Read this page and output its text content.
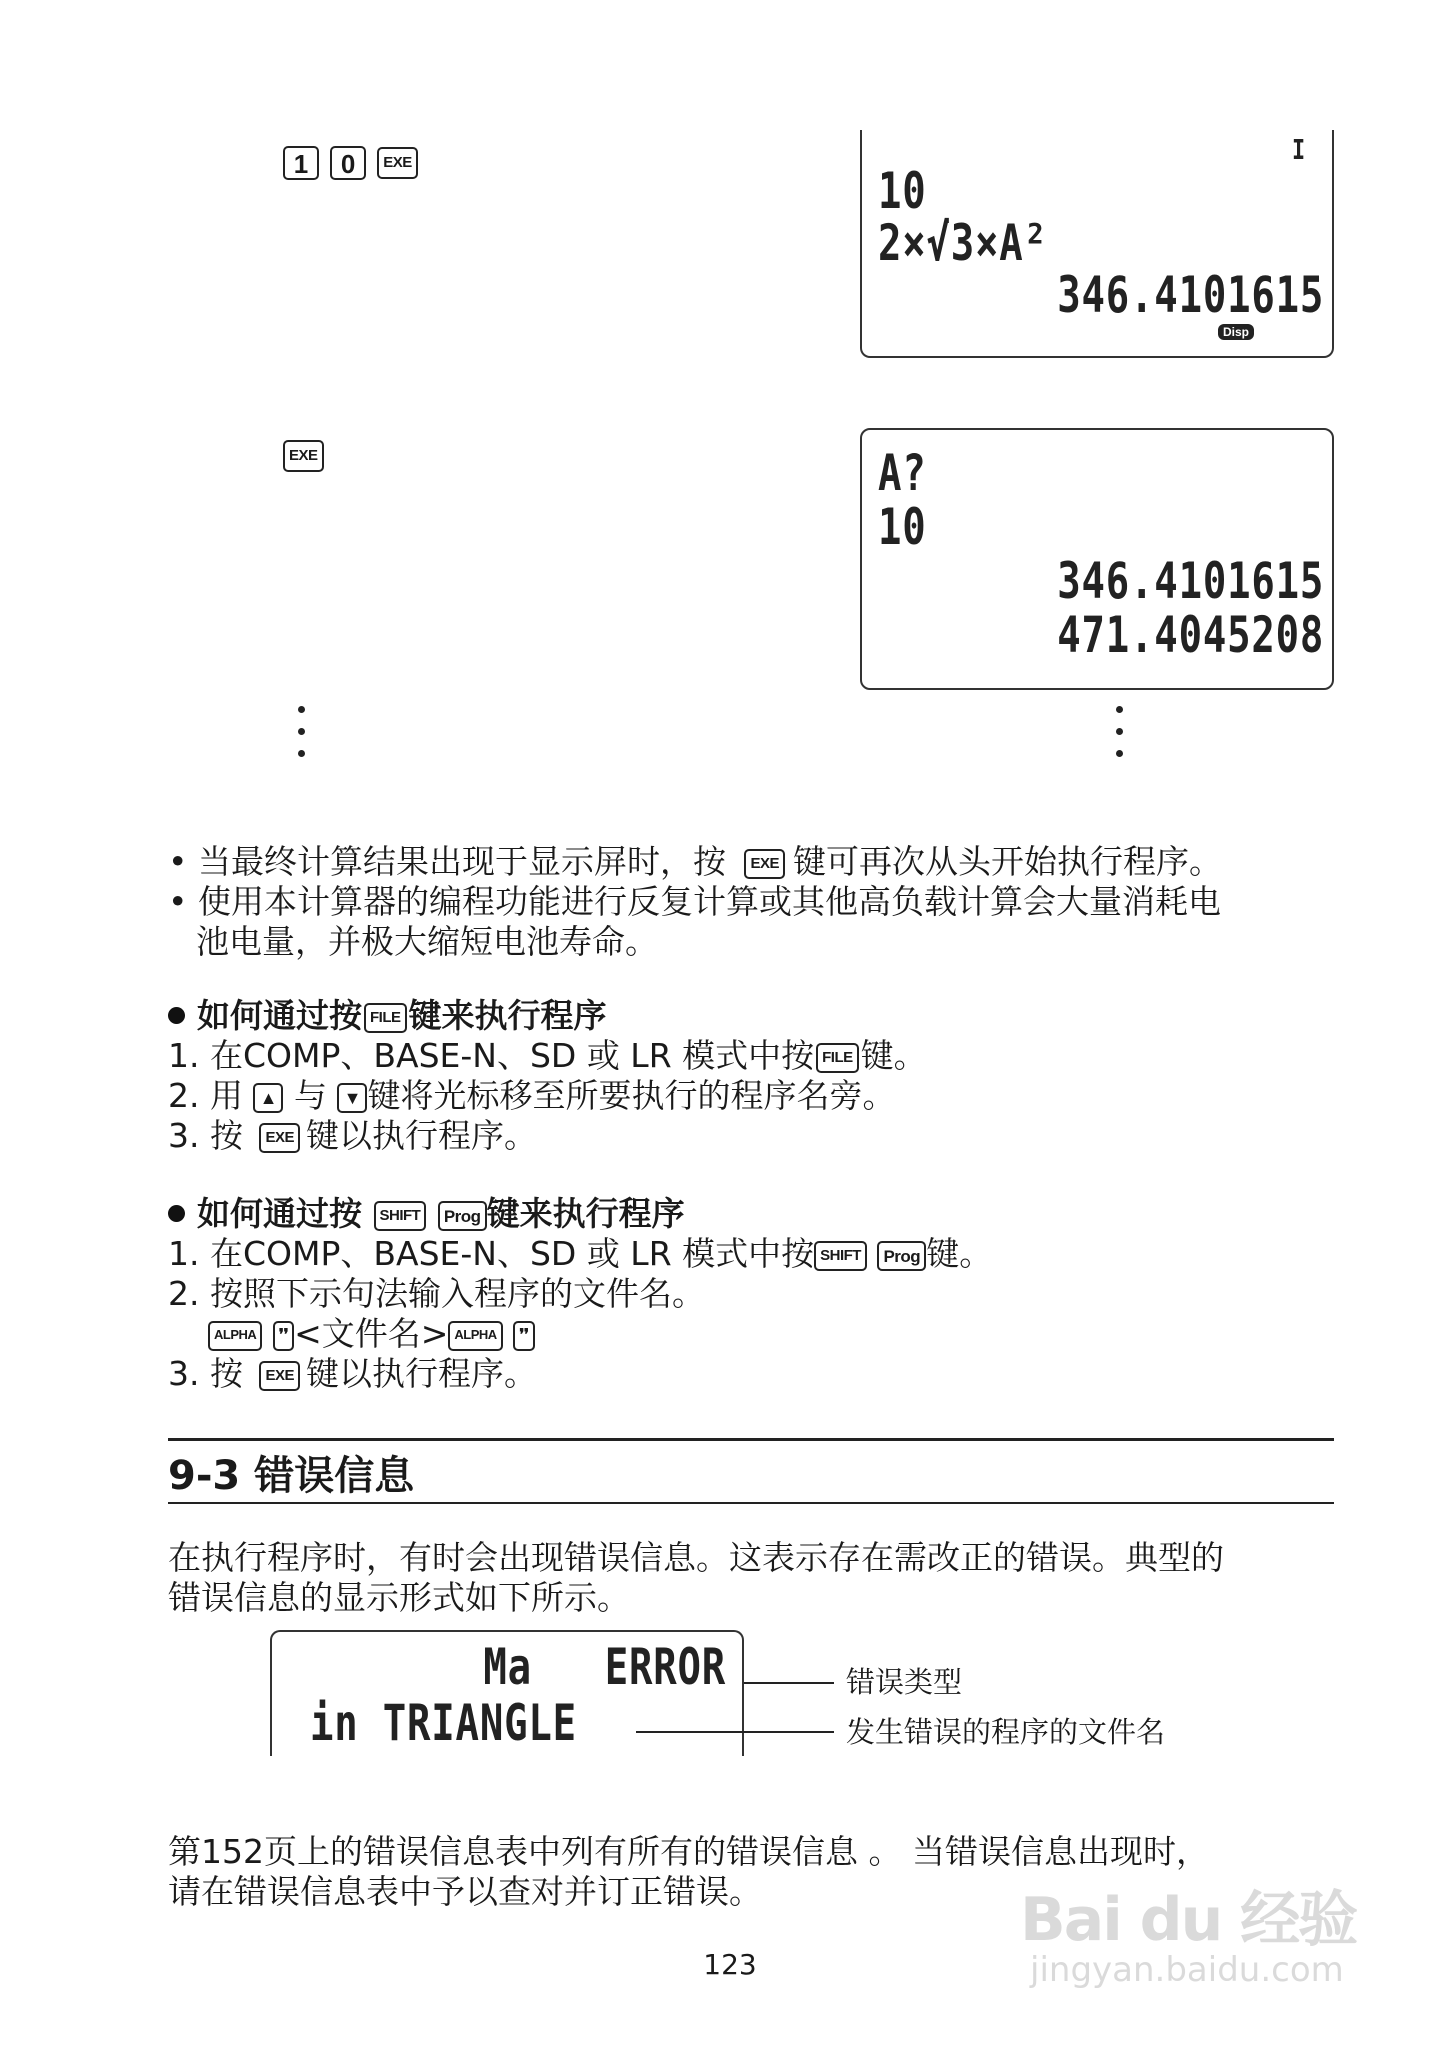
1 0 EXE	I
10
2×√3×A²
346.4101615
Disp
EXE	A?
10
346.4101615
471.4045208
• 当最终计算结果出现于显示屏时，按 EXE 键可再次从头开始执行程序。
• 使用本计算器的编程功能进行反复计算或其他高负载计算会大量消耗电
池电量，并极大缩短电池寿命。
如何通过按 FILE 键来执行程序
1. 在COMP、BASE-N、SD 或 LR 模式中按 FILE 键。
2. 用 ▲ 与 ▼ 键将光标移至所要执行的程序名旁。
3. 按 EXE 键以执行程序。
如何通过按 SHIFT Prog 键来执行程序
1. 在COMP、BASE-N、SD 或 LR 模式中按 SHIFT Prog 键。
2. 按照下示句法输入程序的文件名。
ALPHA ❜❜ <文件名> ALPHA ❜❜
3. 按 EXE 键以执行程序。
9-3 错误信息
在执行程序时，有时会出现错误信息。这表示存在需改正的错误。典型的
错误信息的显示形式如下所示。
Ma   ERROR
in TRIANGLE
错误类型
发生错误的程序的文件名
第152页上的错误信息表中列有所有的错误信息 。 当错误信息出现时，
请在错误信息表中予以查对并订正错误。
123
Bai du 经验
jingyan.baidu.com
